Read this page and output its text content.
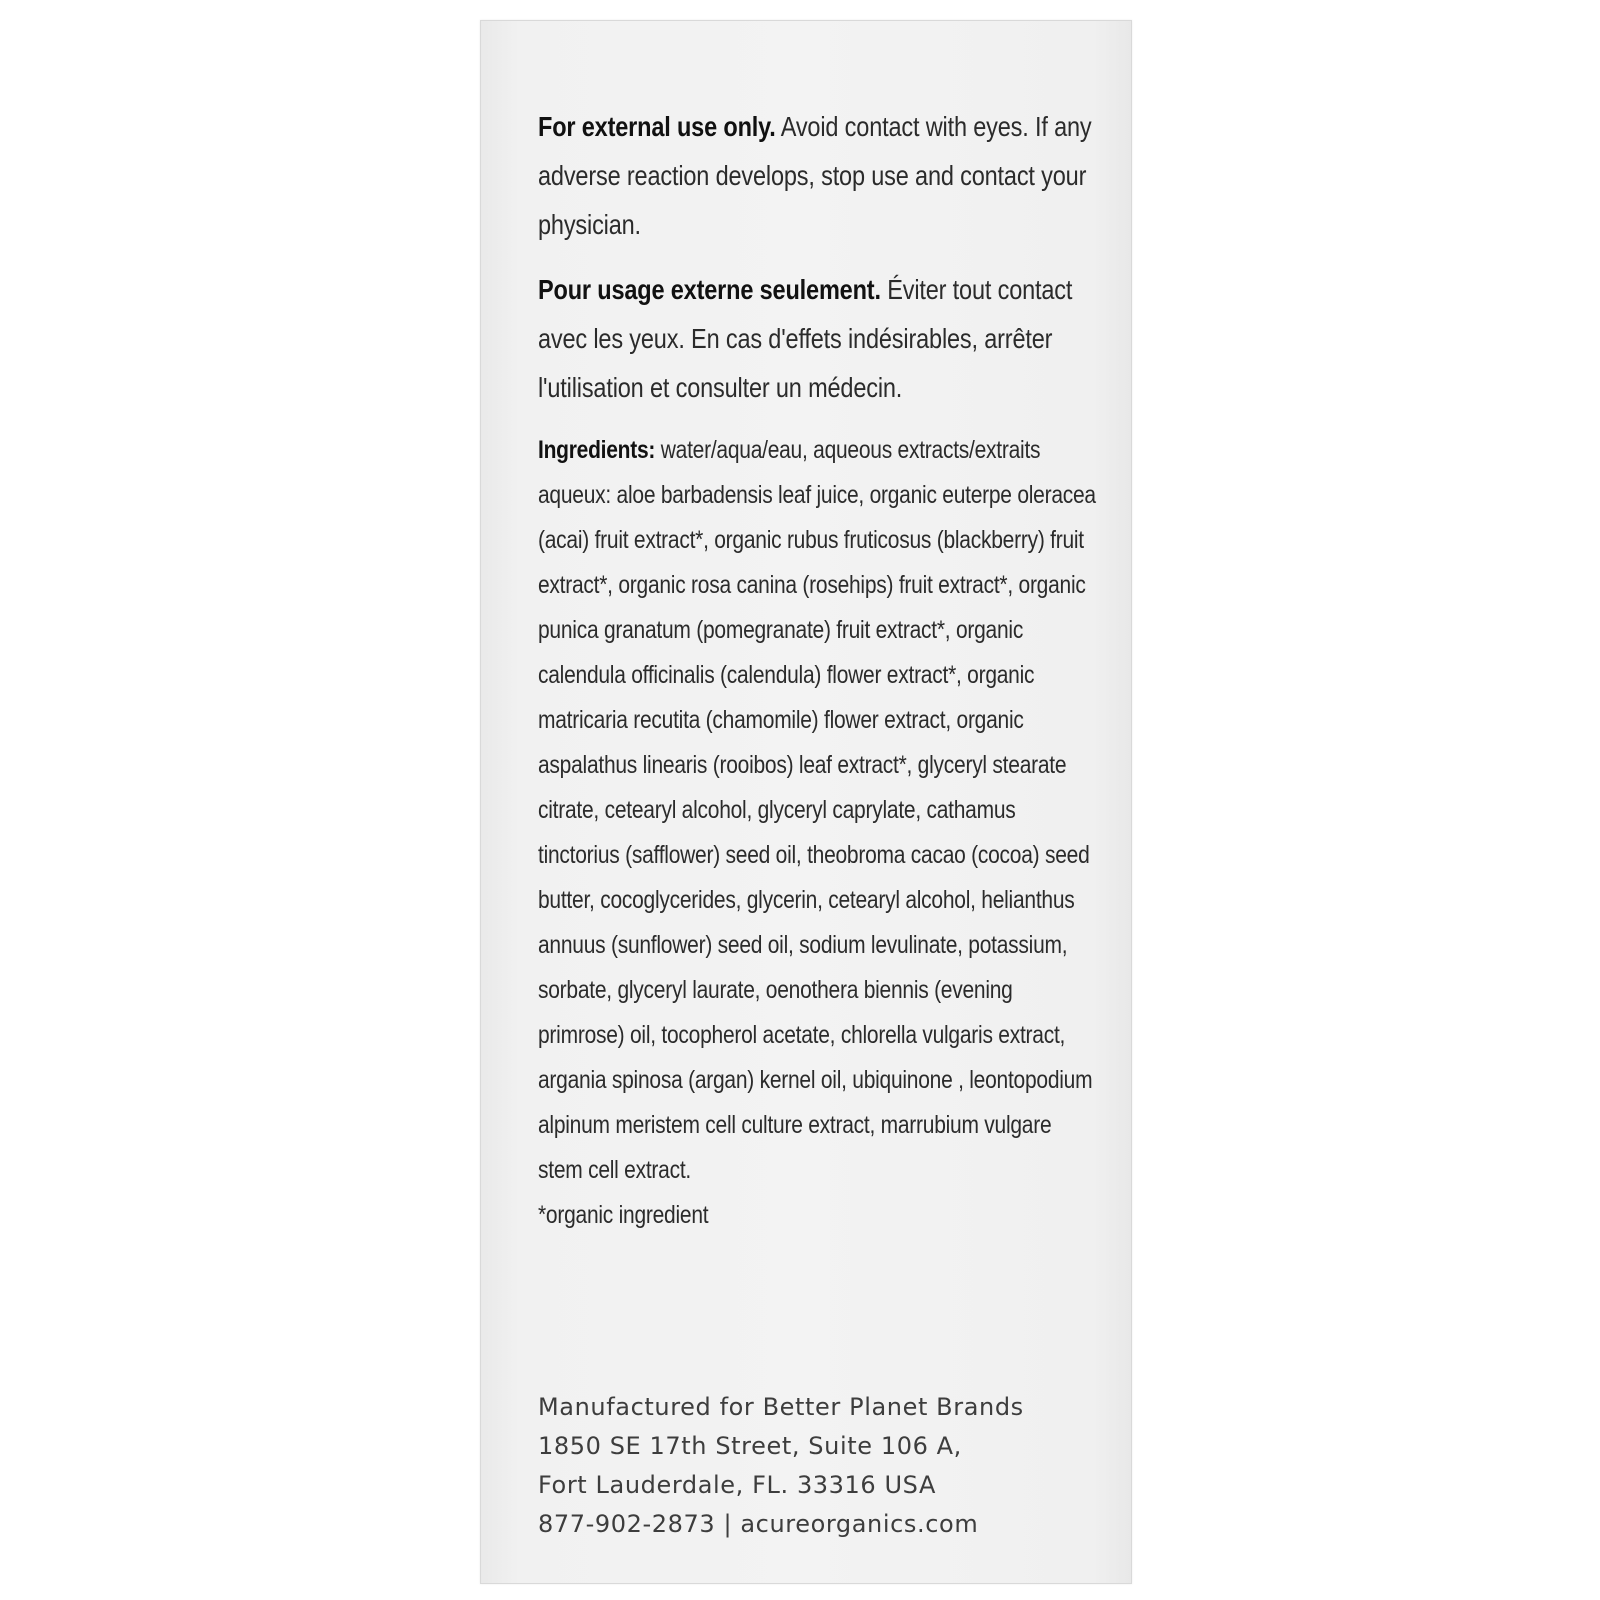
For external use only. Avoid contact with eyes. If any adverse reaction develops, stop use and contact your physician.

Pour usage externe seulement. Éviter tout contact avec les yeux. En cas d'effets indésirables, arrêter l'utilisation et consulter un médecin.

Ingredients: water/aqua/eau, aqueous extracts/extraits aqueux: aloe barbadensis leaf juice, organic euterpe oleracea (acai) fruit extract*, organic rubus fruticosus (blackberry) fruit extract*, organic rosa canina (rosehips) fruit extract*, organic punica granatum (pomegranate) fruit extract*, organic calendula officinalis (calendula) flower extract*, organic matricaria recutita (chamomile) flower extract, organic aspalathus linearis (rooibos) leaf extract*, glyceryl stearate citrate, cetearyl alcohol, glyceryl caprylate, cathamus tinctorius (safflower) seed oil, theobroma cacao (cocoa) seed butter, cocoglycerides, glycerin, cetearyl alcohol, helianthus annuus (sunflower) seed oil, sodium levulinate, potassium, sorbate, glyceryl laurate, oenothera biennis (evening primrose) oil, tocopherol acetate, chlorella vulgaris extract, argania spinosa (argan) kernel oil, ubiquinone , leontopodium alpinum meristem cell culture extract, marrubium vulgare stem cell extract.
*organic ingredient
Manufactured for Better Planet Brands
1850 SE 17th Street, Suite 106 A,
Fort Lauderdale, FL. 33316 USA
877-902-2873 | acureorganics.com
